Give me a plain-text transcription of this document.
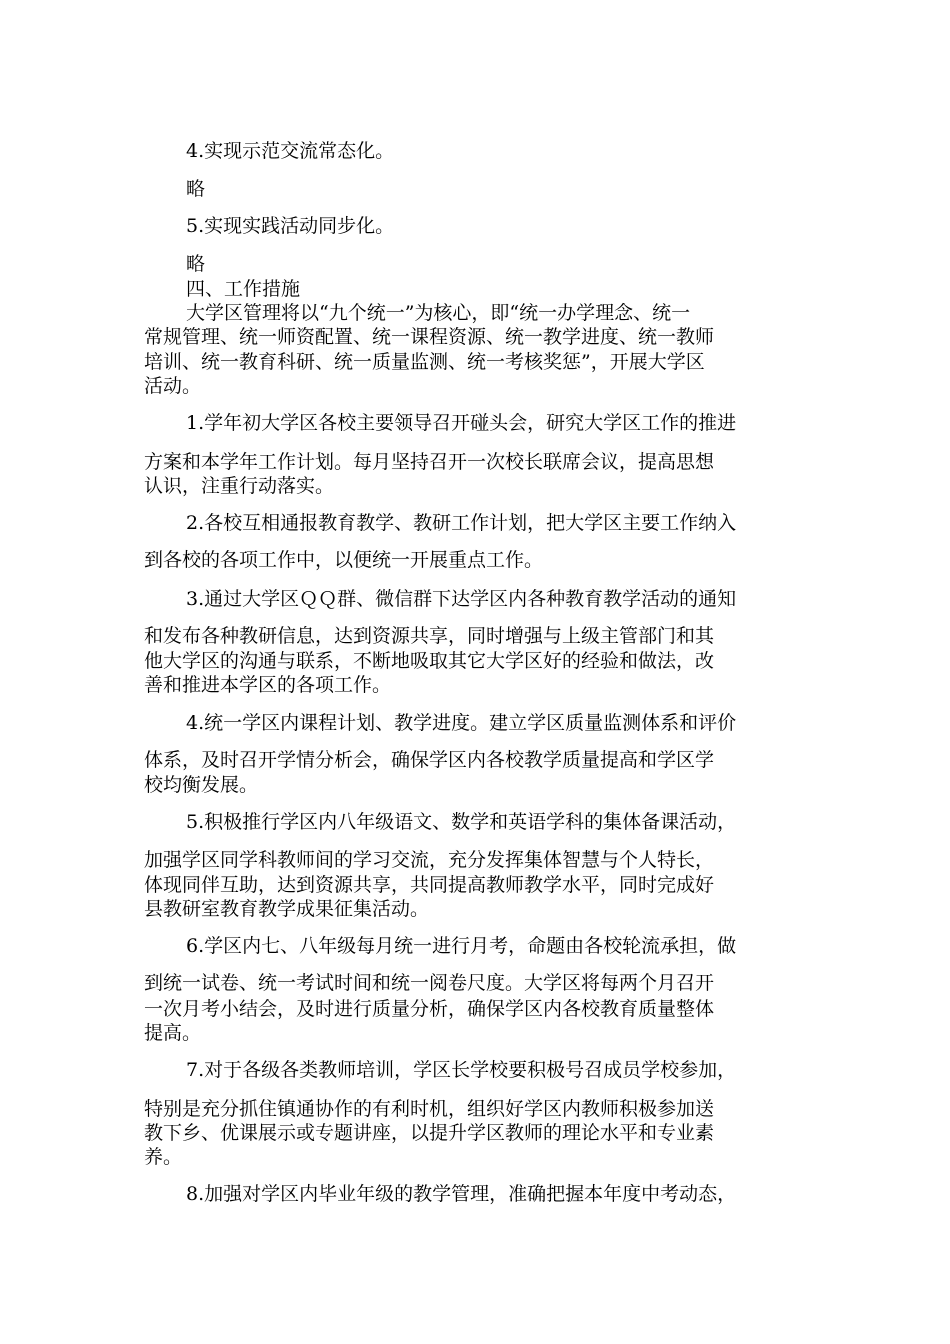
4.实现示范交流常态化。
略
5.实现实践活动同步化。
略
四、工作措施
大学区管理将以“九个统一”为核心，即“统一办学理念、统一
常规管理、统一师资配置、统一课程资源、统一教学进度、统一教师
培训、统一教育科研、统一质量监测、统一考核奖惩”，开展大学区
活动。
1.学年初大学区各校主要领导召开碰头会，研究大学区工作的推进
方案和本学年工作计划。每月坚持召开一次校长联席会议，提高思想
认识，注重行动落实。
2.各校互相通报教育教学、教研工作计划，把大学区主要工作纳入
到各校的各项工作中，以便统一开展重点工作。
3.通过大学区ＱＱ群、微信群下达学区内各种教育教学活动的通知
和发布各种教研信息，达到资源共享，同时增强与上级主管部门和其
他大学区的沟通与联系，不断地吸取其它大学区好的经验和做法，改
善和推进本学区的各项工作。
4.统一学区内课程计划、教学进度。建立学区质量监测体系和评价
体系，及时召开学情分析会，确保学区内各校教学质量提高和学区学
校均衡发展。
5.积极推行学区内八年级语文、数学和英语学科的集体备课活动，
加强学区同学科教师间的学习交流，充分发挥集体智慧与个人特长，
体现同伴互助，达到资源共享，共同提高教师教学水平，同时完成好
县教研室教育教学成果征集活动。
6.学区内七、八年级每月统一进行月考，命题由各校轮流承担，做
到统一试卷、统一考试时间和统一阅卷尺度。大学区将每两个月召开
一次月考小结会，及时进行质量分析，确保学区内各校教育质量整体
提高。
7.对于各级各类教师培训，学区长学校要积极号召成员学校参加，
特别是充分抓住镇通协作的有利时机，组织好学区内教师积极参加送
教下乡、优课展示或专题讲座，以提升学区教师的理论水平和专业素
养。
8.加强对学区内毕业年级的教学管理，准确把握本年度中考动态，
